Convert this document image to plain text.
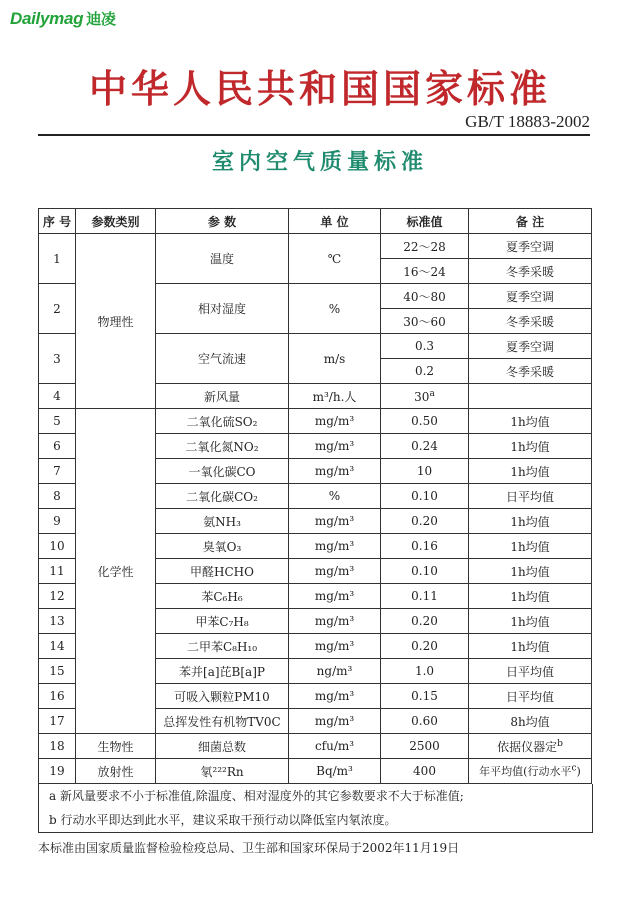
Dailymag 迪凌
中华人民共和国国家标准
GB/T 18883-2002
室内空气质量标准
序 号	参数类别	参 数	单 位	标准值	备 注
1	物理性	温度	℃	22～28	夏季空调
				16～24	冬季采暖
2		相对湿度	%	40～80	夏季空调
				30～60	冬季采暖
3		空气流速	m/s	0.3	夏季空调
				0.2	冬季采暖
4		新风量	m³/h.人	30$^a$	
5	化学性	二氧化硫SO₂	mg/m³	0.50	1h均值
6		二氧化氮NO₂	mg/m³	0.24	1h均值
7		一氧化碳CO	mg/m³	10	1h均值
8		二氧化碳CO₂	%	0.10	日平均值
9		氨NH₃	mg/m³	0.20	1h均值
10		臭氧O₃	mg/m³	0.16	1h均值
11		甲醛HCHO	mg/m³	0.10	1h均值
12		苯C₆H₆	mg/m³	0.11	1h均值
13		甲苯C₇H₈	mg/m³	0.20	1h均值
14		二甲苯C₈H₁₀	mg/m³	0.20	1h均值
15		苯并[a]芘B[a]P	ng/m³	1.0	日平均值
16		可吸入颗粒PM10	mg/m³	0.15	日平均值
17		总挥发性有机物TV0C	mg/m³	0.60	8h均值
18	生物性	细菌总数	cfu/m³	2500	依据仪器定$^b$
19	放射性	氡²²²Rn	Bq/m³	400	年平均值(行动水平$^c$)
a 新风量要求不小于标准值,除温度、相对湿度外的其它参数要求不大于标准值;
b 行动水平即达到此水平，建议采取干预行动以降低室内氡浓度。
本标准由国家质量监督检验检疫总局、卫生部和国家环保局于2002年11月19日
